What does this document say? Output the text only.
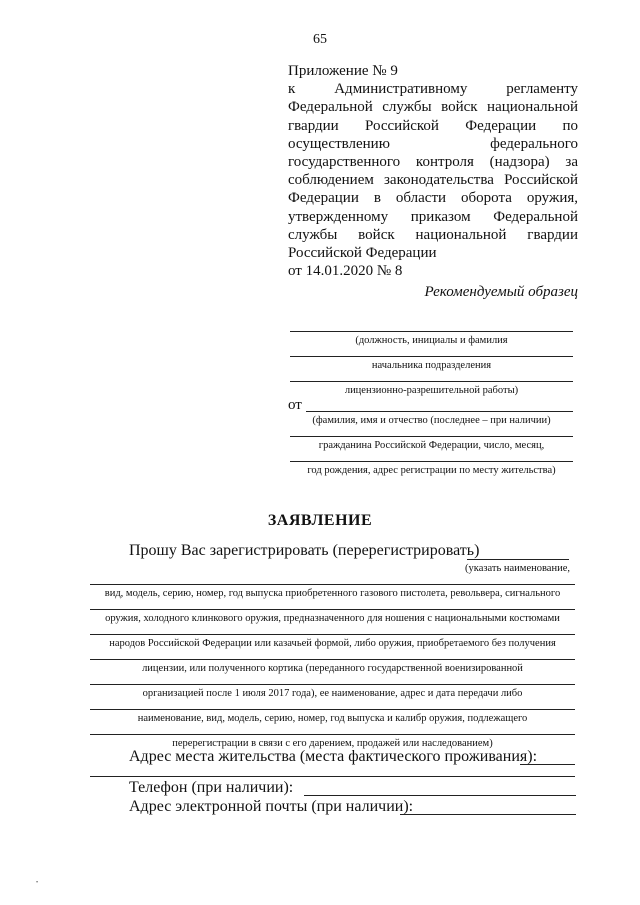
65
Приложение № 9
к Административному регламенту
Федеральной службы войск национальной
гвардии Российской Федерации по
осуществлению федерального
государственного контроля (надзора) за
соблюдением законодательства Российской
Федерации в области оборота оружия,
утвержденному приказом Федеральной
службы войск национальной гвардии
Российской Федерации
от 14.01.2020 № 8
Рекомендуемый образец
(должность, инициалы и фамилия
начальника подразделения
лицензионно-разрешительной работы)
от
(фамилия, имя и отчество (последнее – при наличии)
гражданина Российской Федерации, число, месяц,
год рождения, адрес регистрации по месту жительства)
ЗАЯВЛЕНИЕ
Прошу Вас зарегистрировать (перерегистрировать)
(указать наименование,
вид, модель, серию, номер, год выпуска приобретенного газового пистолета, револьвера, сигнального
оружия, холодного клинкового оружия, предназначенного для ношения с национальными костюмами
народов Российской Федерации или казачьей формой, либо оружия, приобретаемого без получения
лицензии, или полученного кортика (переданного государственной военизированной
организацией после 1 июля 2017 года), ее наименование, адрес и дата передачи либо
наименование, вид, модель, серию, номер, год выпуска и калибр оружия, подлежащего
перерегистрации в связи с его дарением, продажей или наследованием)
Адрес места жительства (места фактического проживания):
Телефон (при наличии):
Адрес электронной почты (при наличии):
•
